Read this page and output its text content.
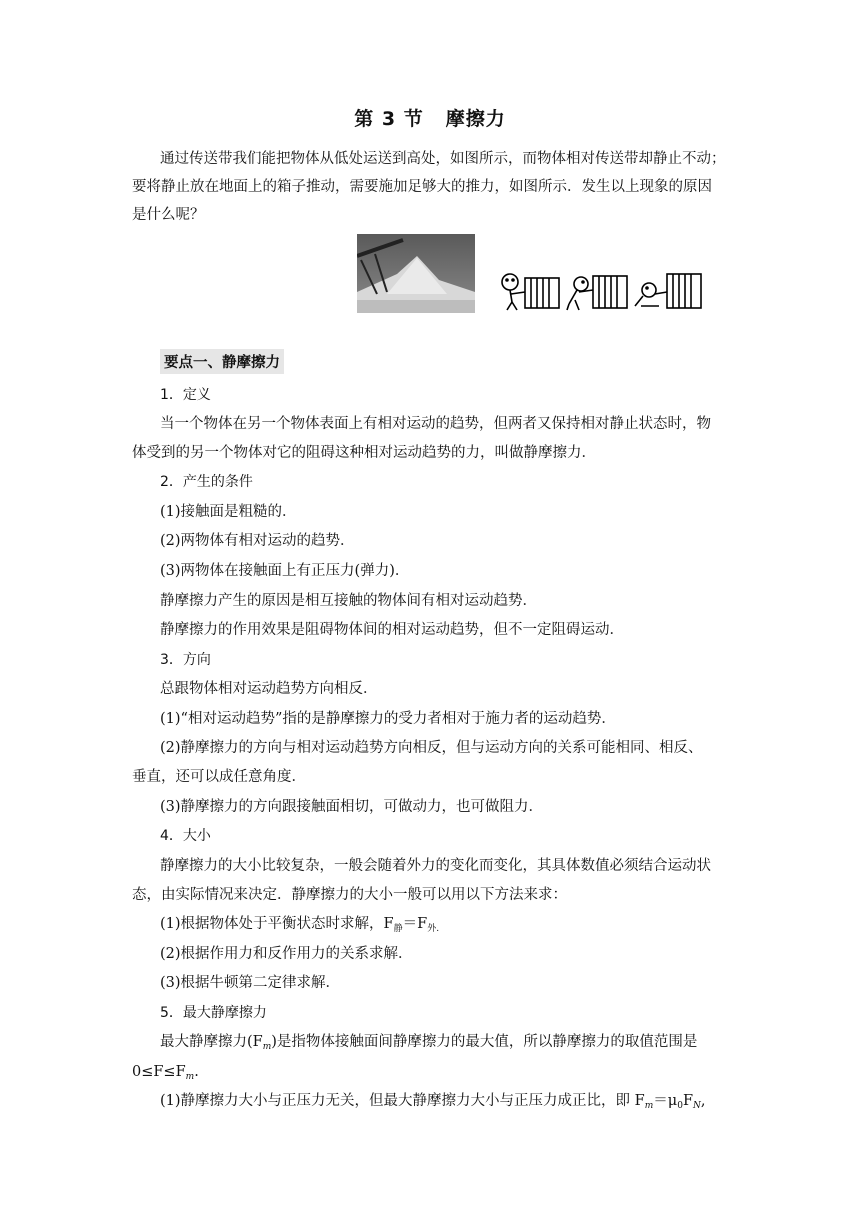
第 3 节 摩擦力
通过传送带我们能把物体从低处运送到高处，如图所示，而物体相对传送带却静止不动；
要将静止放在地面上的箱子推动，需要施加足够大的推力，如图所示．发生以上现象的原因
是什么呢？
要点一、静摩擦力
1．定义
当一个物体在另一个物体表面上有相对运动的趋势，但两者又保持相对静止状态时，物
体受到的另一个物体对它的阻碍这种相对运动趋势的力，叫做静摩擦力．
2．产生的条件
(1)接触面是粗糙的．
(2)两物体有相对运动的趋势．
(3)两物体在接触面上有正压力(弹力)．
静摩擦力产生的原因是相互接触的物体间有相对运动趋势．
静摩擦力的作用效果是阻碍物体间的相对运动趋势，但不一定阻碍运动．
3．方向
总跟物体相对运动趋势方向相反．
(1)“相对运动趋势”指的是静摩擦力的受力者相对于施力者的运动趋势．
(2)静摩擦力的方向与相对运动趋势方向相反，但与运动方向的关系可能相同、相反、
垂直，还可以成任意角度．
(3)静摩擦力的方向跟接触面相切，可做动力，也可做阻力．
4．大小
静摩擦力的大小比较复杂，一般会随着外力的变化而变化，其具体数值必须结合运动状
态，由实际情况来决定．静摩擦力的大小一般可以用以下方法来求：
(1)根据物体处于平衡状态时求解，$F_静=F_{外.}$
(2)根据作用力和反作用力的关系求解．
(3)根据牛顿第二定律求解．
5．最大静摩擦力
最大静摩擦力$(F_m)$是指物体接触面间静摩擦力的最大值，所以静摩擦力的取值范围是
$0\le F\le F_m$.
(1)静摩擦力大小与正压力无关，但最大静摩擦力大小与正压力成正比，即 $F_m=\mu_0F_N$,
